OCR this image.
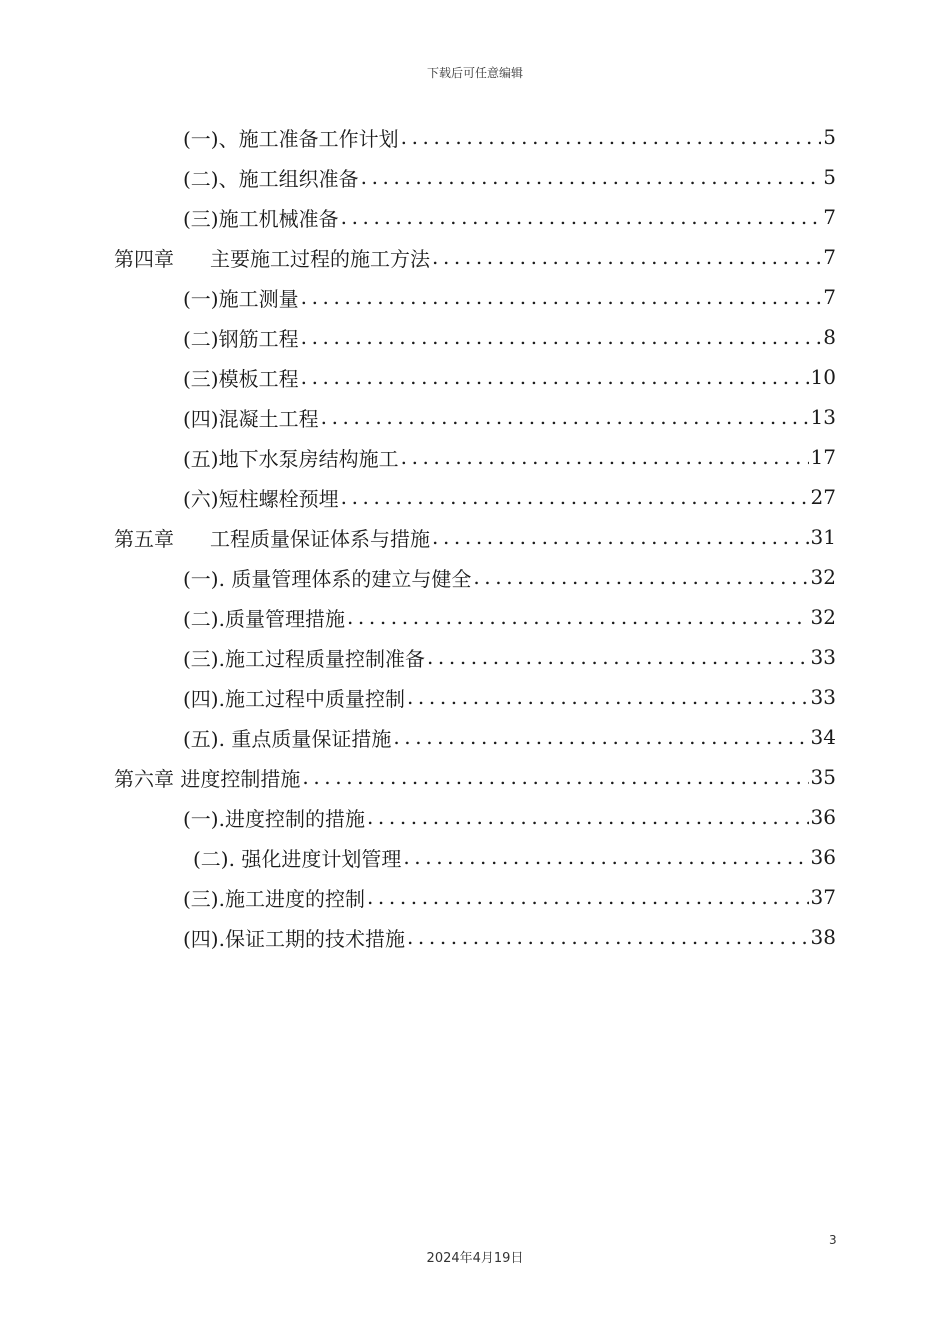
下载后可任意编辑
(一)、施工准备工作计划 .....	5
(二)、施工组织准备 .....	5
(三)施工机械准备 .....	7
第四章 主要施工过程的施工方法 .....	7
(一)施工测量 .....	7
(二)钢筋工程 .....	8
(三)模板工程 .....	10
(四)混凝土工程 .....	13
(五)地下水泵房结构施工 .....	17
(六)短柱螺栓预埋 .....	27
第五章 工程质量保证体系与措施 .....	31
(一). 质量管理体系的建立与健全 .....	32
(二).质量管理措施 .....	32
(三).施工过程质量控制准备 .....	33
(四).施工过程中质量控制 .....	33
(五). 重点质量保证措施 .....	34
第六章 进度控制措施 .....	35
(一).进度控制的措施 .....	36
(二). 强化进度计划管理 .....	36
(三).施工进度的控制 .....	37
(四).保证工期的技术措施 .....	38
3
2024年4月19日
